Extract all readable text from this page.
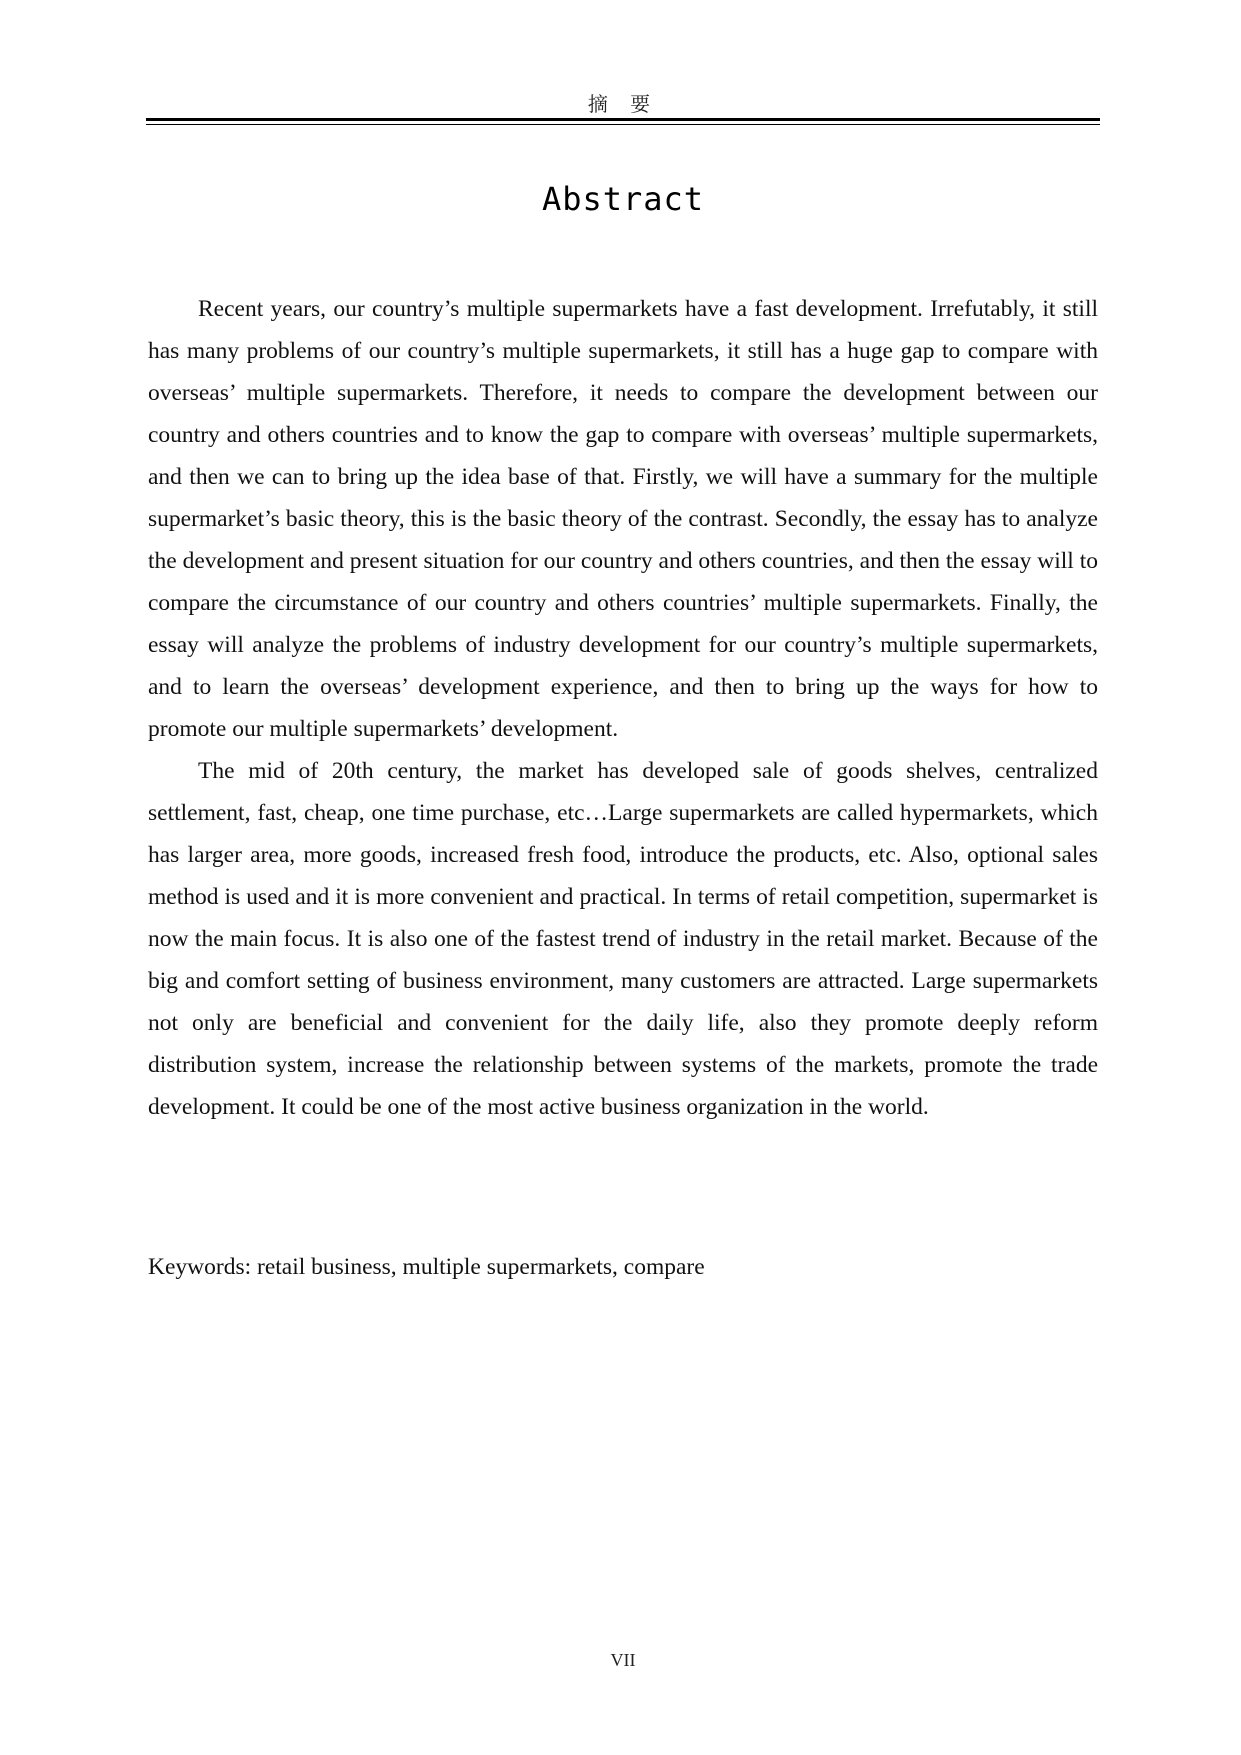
摘 要
Abstract

Recent years, our country’s multiple supermarkets have a fast development. Irrefutably, it still has many problems of our country’s multiple supermarkets, it still has a huge gap to compare with overseas’ multiple supermarkets. Therefore, it needs to compare the development between our country and others countries and to know the gap to compare with overseas’ multiple supermarkets, and then we can to bring up the idea base of that. Firstly, we will have a summary for the multiple supermarket’s basic theory, this is the basic theory of the contrast. Secondly, the essay has to analyze the development and present situation for our country and others countries, and then the essay will to compare the circumstance of our country and others countries’ multiple supermarkets. Finally, the essay will analyze the problems of industry development for our country’s multiple supermarkets, and to learn the overseas’ development experience, and then to bring up the ways for how to promote our multiple supermarkets’ development.

The mid of 20th century, the market has developed sale of goods shelves, centralized settlement, fast, cheap, one time purchase, etc…Large supermarkets are called hypermarkets, which has larger area, more goods, increased fresh food, introduce the products, etc. Also, optional sales method is used and it is more convenient and practical. In terms of retail competition, supermarket is now the main focus. It is also one of the fastest trend of industry in the retail market. Because of the big and comfort setting of business environment, many customers are attracted. Large supermarkets not only are beneficial and convenient for the daily life, also they promote deeply reform distribution system, increase the relationship between systems of the markets, promote the trade development. It could be one of the most active business organization in the world.

Keywords: retail business, multiple supermarkets, compare
VII
